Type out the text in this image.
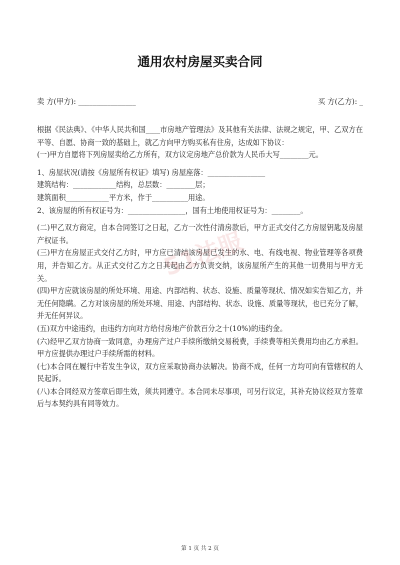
通用农村房屋买卖合同
卖 方(甲方): ________________	买 方(乙方): _

根据《民法典》、《中华人民共和国____市房地产管理法》及其他有关法律、法规之规定，甲、乙双方在平等、自愿、协商一致的基础上，就乙方向甲方购买私有住房，达成如下协议：

(一)甲方自愿将下列房屋卖给乙方所有，双方议定房地产总价款为人民币大写________元。

1、房屋状况(请按《房屋所有权证》填写) 房屋座落：________________

建筑结构：____________结构，总层数：________层；

建筑面积____________平方米，作于__________用途。

2、该房屋的所有权证号为：________________，国有土地使用权证号为：________。

(二)甲乙双方商定，自本合同签订之日起，乙方一次性付清房款后，甲方正式交付乙方房屋钥匙及房屋产权证书。

(三)甲方在房屋正式交付乙方时，甲方应已清结该房屋已发生的水、电、有线电视、物业管理等各项费用，并告知乙方。从正式交付乙方之日其起由乙方负责交纳，该房屋所产生的其他一切费用与甲方无关。

(四)甲方应就该房屋的所处环境、用途、内部结构、状态、设施、质量等现状、情况如实告知乙方，并无任何隐瞒。乙方对该房屋的所处环境、用途、内部结构、状态、设施、质量等现状，也已充分了解，并无任何异议。

(五)双方中途违约，由违约方向对方给付房地产价款百分之十(10%)的违约金。

(六)经甲乙双方协商一致同意，办理房产过户手续所缴纳交易税费，手续费等相关费用均由乙方承担。甲方应提供办理过户手续所需的材料。

(七)本合同在履行中若发生争议，双方应采取协商办法解决。协商不成，任何一方均可向有管辖权的人民起诉。

(八)本合同经双方签章后即生效，须共同遵守。本合同未尽事项，可另行议定，其补充协议经双方签章后与本契约具有同等效力。

51法服
第 1 页 共 2 页
